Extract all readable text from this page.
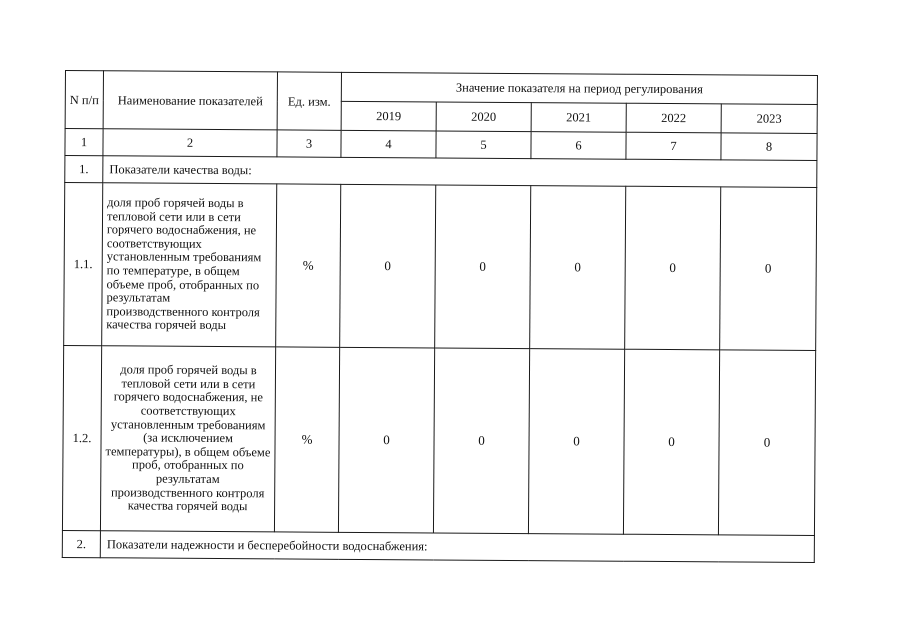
N п/п	Наименование показателей	Ед. изм.	Значение показателя на период регулирования				
			2019	2020	2021	2022	2023
1	2	3	4	5	6	7	8
1.	Показатели качества воды:						
1.1.	доля проб горячей воды в тепловой сети или в сети горячего водоснабжения, не соответствующих установленным требованиям по температуре, в общем объеме проб, отобранных по результатам производственного контроля качества горячей воды	%	0	0	0	0	0
1.2.	доля проб горячей воды в тепловой сети или в сети горячего водоснабжения, не соответствующих установленным требованиям (за исключением температуры), в общем объеме проб, отобранных по результатам производственного контроля качества горячей воды	%	0	0	0	0	0
2.	Показатели надежности и бесперебойности водоснабжения:						
